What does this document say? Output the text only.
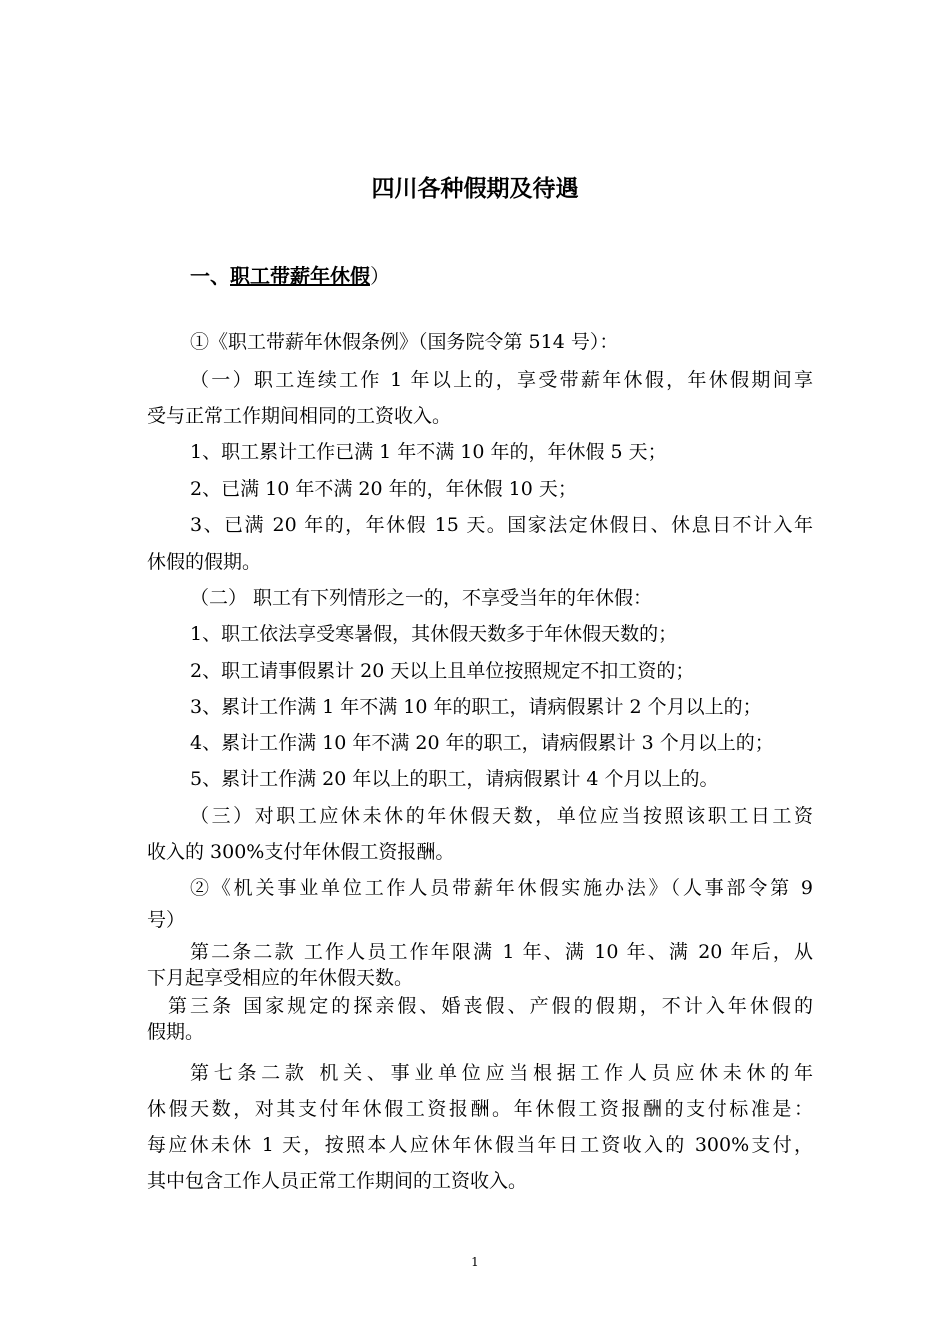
四川各种假期及待遇
一、职工带薪年休假）
①《职工带薪年休假条例》（国务院令第 514 号）：
（一）职工连续工作 1 年以上的，享受带薪年休假，年休假期间享
受与正常工作期间相同的工资收入。
1、职工累计工作已满 1 年不满 10 年的，年休假 5 天；
2、已满 10 年不满 20 年的，年休假 10 天；
3、已满 20 年的，年休假 15 天。国家法定休假日、休息日不计入年
休假的假期。
（二） 职工有下列情形之一的，不享受当年的年休假：
1、职工依法享受寒暑假，其休假天数多于年休假天数的；
2、职工请事假累计 20 天以上且单位按照规定不扣工资的；
3、累计工作满 1 年不满 10 年的职工，请病假累计 2 个月以上的；
4、累计工作满 10 年不满 20 年的职工，请病假累计 3 个月以上的；
5、累计工作满 20 年以上的职工，请病假累计 4 个月以上的。
（三）对职工应休未休的年休假天数，单位应当按照该职工日工资
收入的 300%支付年休假工资报酬。
②《机关事业单位工作人员带薪年休假实施办法》（人事部令第 9
号）
第二条二款 工作人员工作年限满 1 年、满 10 年、满 20 年后，从
下月起享受相应的年休假天数。
第三条 国家规定的探亲假、婚丧假、产假的假期，不计入年休假的
假期。
第七条二款 机关、事业单位应当根据工作人员应休未休的年
休假天数，对其支付年休假工资报酬。年休假工资报酬的支付标准是：
每应休未休 1 天，按照本人应休年休假当年日工资收入的 300%支付，
其中包含工作人员正常工作期间的工资收入。
1
